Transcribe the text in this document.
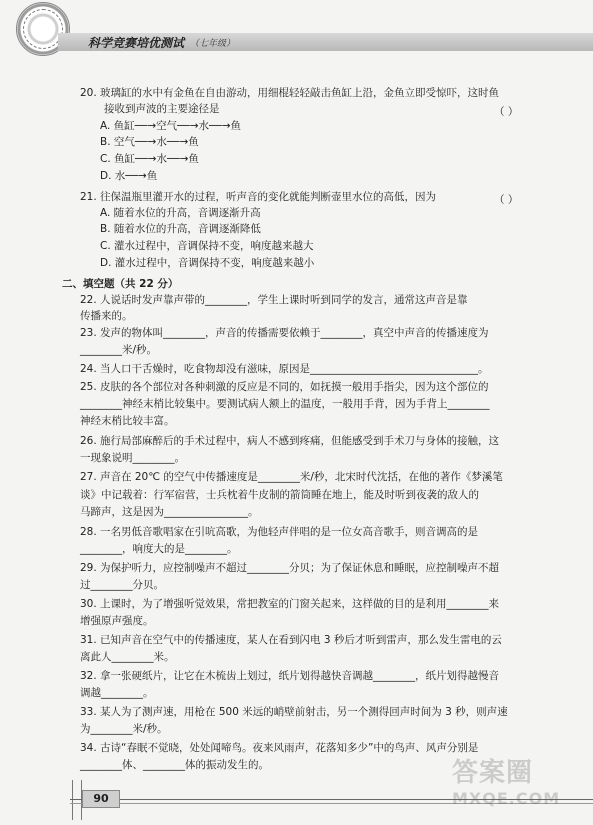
科学竞赛培优测试 （七年级）
20. 玻璃缸的水中有金鱼在自由游动，用细棍轻轻敲击鱼缸上沿，金鱼立即受惊吓，这时鱼
接收到声波的主要途径是	（ ）
A. 鱼缸──→空气──→水──→鱼
B. 空气──→水──→鱼
C. 鱼缸──→水──→鱼
D. 水──→鱼
21. 往保温瓶里灌开水的过程，听声音的变化就能判断壶里水位的高低，因为	（ ）
A. 随着水位的升高，音调逐渐升高
B. 随着水位的升高，音调逐渐降低
C. 灌水过程中，音调保持不变，响度越来越大
D. 灌水过程中，音调保持不变，响度越来越小
二、填空题（共 22 分）
22. 人说话时发声靠声带的________，学生上课时听到同学的发言，通常这声音是靠
传播来的。
23. 发声的物体叫________，声音的传播需要依赖于________，真空中声音的传播速度为
________米/秒。
24. 当人口干舌燥时，吃食物却没有滋味，原因是________________________________。
25. 皮肤的各个部位对各种刺激的反应是不同的，如抚摸一般用手指尖，因为这个部位的
________神经末梢比较集中。要测试病人额上的温度，一般用手背，因为手背上________
神经末梢比较丰富。
26. 施行局部麻醉后的手术过程中，病人不感到疼痛，但能感受到手术刀与身体的接触，这
一现象说明________。
27. 声音在 20℃ 的空气中传播速度是________米/秒，北宋时代沈括，在他的著作《梦溪笔
谈》中记载着：行军宿营，士兵枕着牛皮制的箭筒睡在地上，能及时听到夜袭的敌人的
马蹄声，这是因为________________。
28. 一名男低音歌唱家在引吭高歌，为他轻声伴唱的是一位女高音歌手，则音调高的是
________，响度大的是________。
29. 为保护听力，应控制噪声不超过________分贝；为了保证休息和睡眠，应控制噪声不超
过________分贝。
30. 上课时，为了增强听觉效果，常把教室的门窗关起来，这样做的目的是利用________来
增强原声强度。
31. 已知声音在空气中的传播速度，某人在看到闪电 3 秒后才听到雷声，那么发生雷电的云
离此人________米。
32. 拿一张硬纸片，让它在木梳齿上划过，纸片划得越快音调越________，纸片划得越慢音
调越________。
33. 某人为了测声速，用枪在 500 米远的峭壁前射击，另一个测得回声时间为 3 秒，则声速
为________米/秒。
34. 古诗“春眠不觉晓，处处闻啼鸟。夜来风雨声，花落知多少”中的鸟声、风声分别是
________体、________体的振动发生的。
90
答案圈
MXQE.COM
